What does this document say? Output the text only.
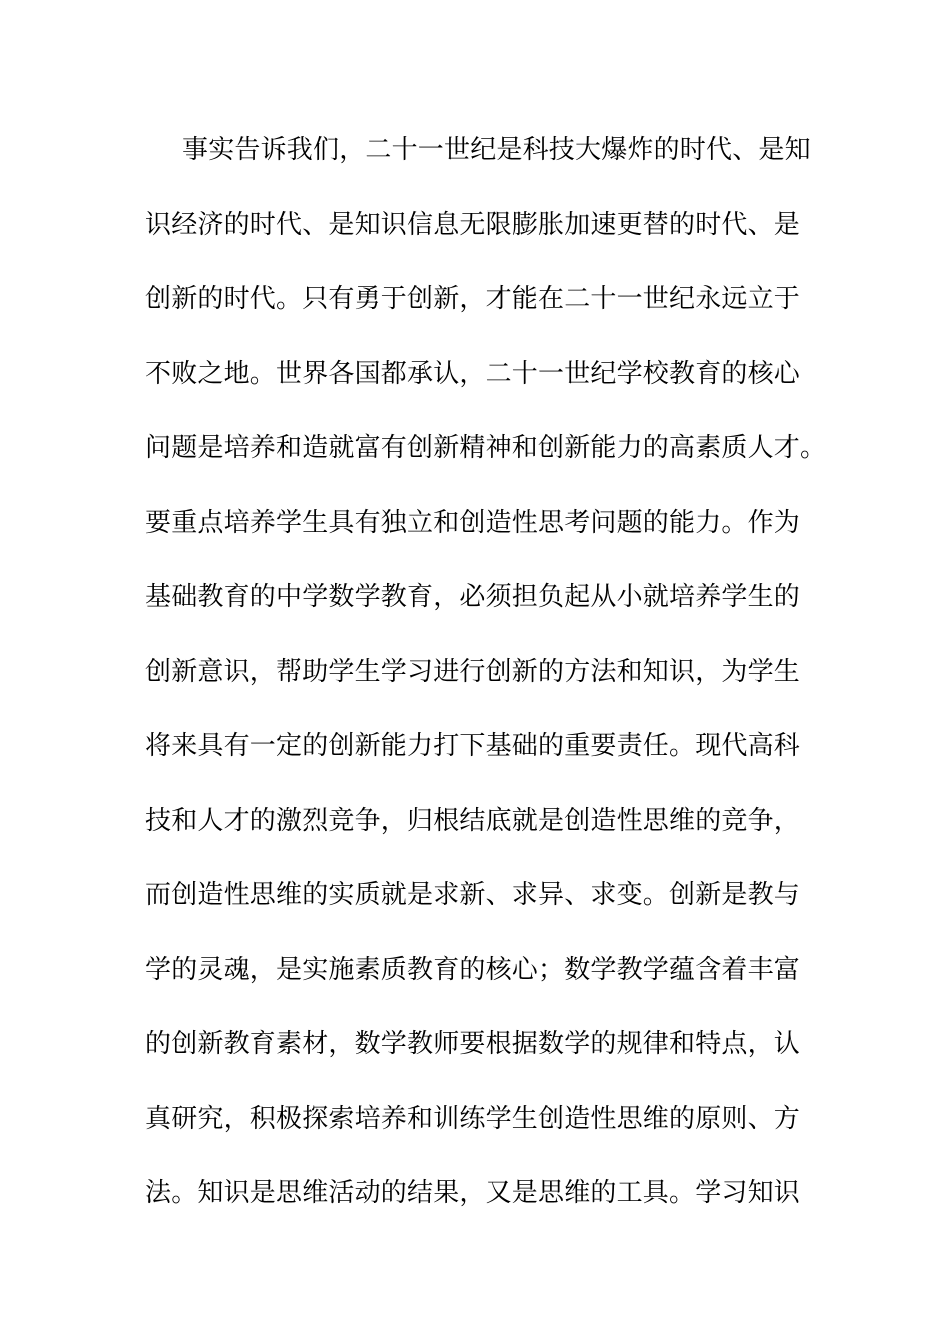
事实告诉我们，二十一世纪是科技大爆炸的时代、是知
识经济的时代、是知识信息无限膨胀加速更替的时代、是
创新的时代。只有勇于创新，才能在二十一世纪永远立于
不败之地。世界各国都承认，二十一世纪学校教育的核心
问题是培养和造就富有创新精神和创新能力的高素质人才。
要重点培养学生具有独立和创造性思考问题的能力。作为
基础教育的中学数学教育，必须担负起从小就培养学生的
创新意识，帮助学生学习进行创新的方法和知识，为学生
将来具有一定的创新能力打下基础的重要责任。现代高科
技和人才的激烈竞争，归根结底就是创造性思维的竞争，
而创造性思维的实质就是求新、求异、求变。创新是教与
学的灵魂，是实施素质教育的核心；数学教学蕴含着丰富
的创新教育素材，数学教师要根据数学的规律和特点，认
真研究，积极探索培养和训练学生创造性思维的原则、方
法。知识是思维活动的结果，又是思维的工具。学习知识
